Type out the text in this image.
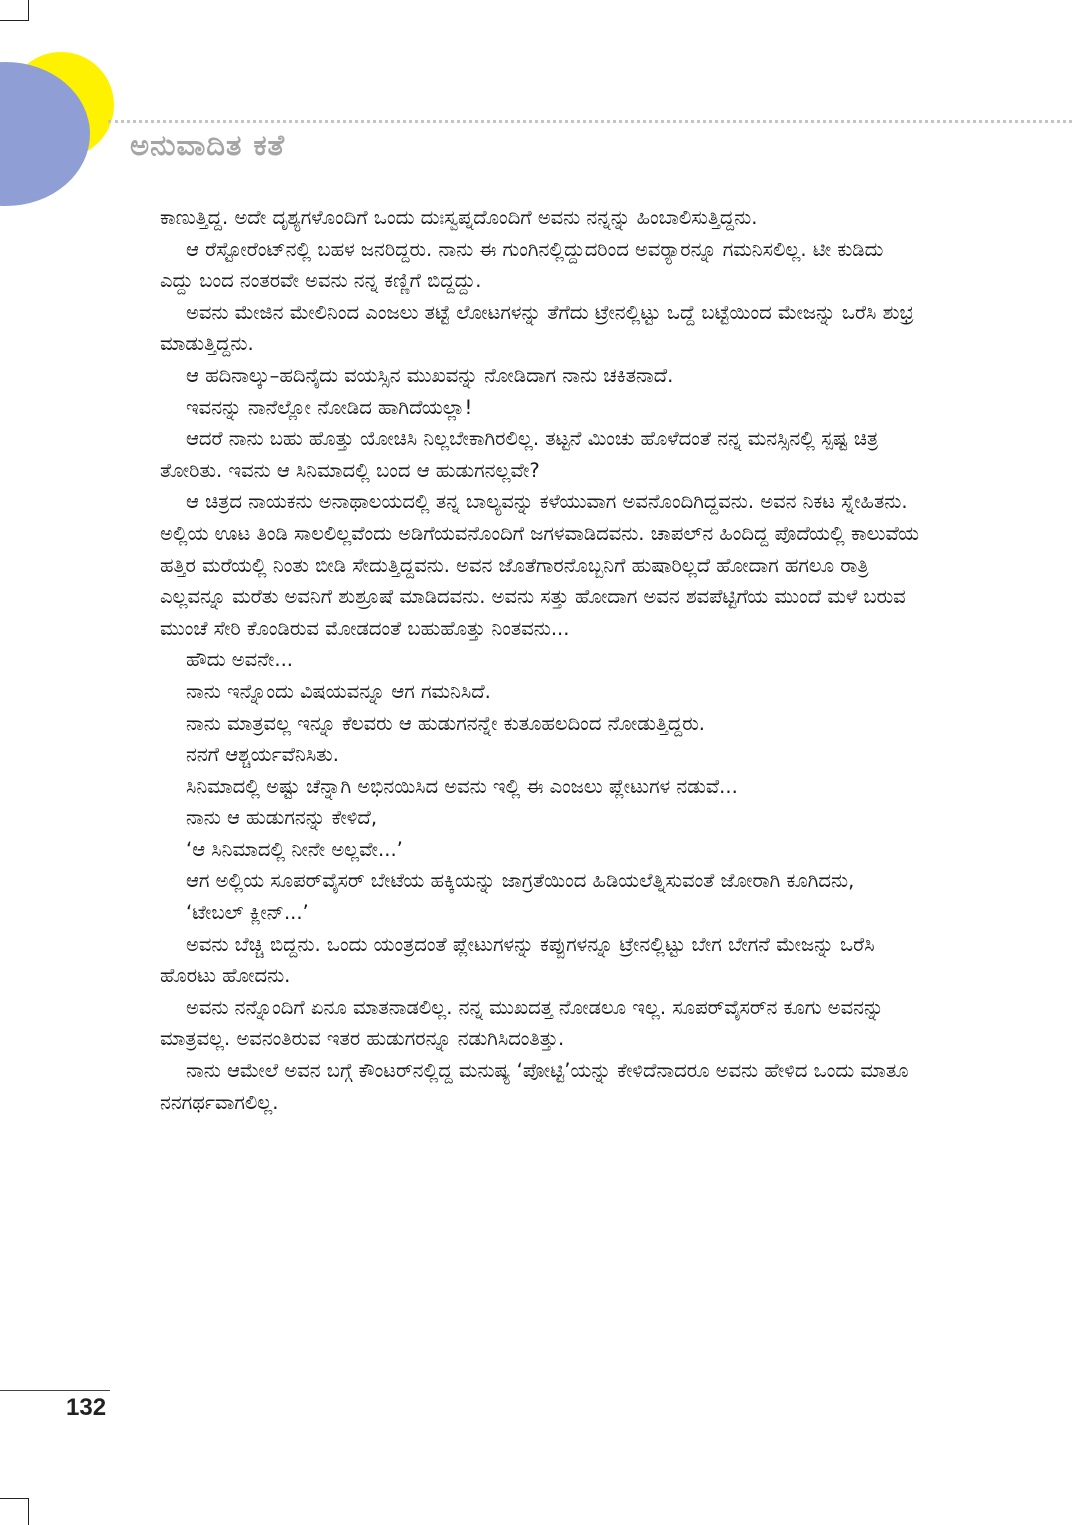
ಅನುವಾದಿತ ಕತೆ

ಕಾಣುತ್ತಿದ್ದ. ಅದೇ ದೃಶ್ಯಗಳೊಂದಿಗೆ ಒಂದು ದುಃಸ್ವಪ್ನದೊಂದಿಗೆ ಅವನು ನನ್ನನ್ನು ಹಿಂಬಾಲಿಸುತ್ತಿದ್ದನು.

ಆ ರೆಸ್ಟೋರೆಂಟ್‌ನಲ್ಲಿ ಬಹಳ ಜನರಿದ್ದರು. ನಾನು ಈ ಗುಂಗಿನಲ್ಲಿದ್ದುದರಿಂದ ಅವರ್‍ಯಾರನ್ನೂ ಗಮನಿಸಲಿಲ್ಲ. ಟೀ ಕುಡಿದು ಎದ್ದು ಬಂದ ನಂತರವೇ ಅವನು ನನ್ನ ಕಣ್ಣಿಗೆ ಬಿದ್ದದ್ದು.

ಅವನು ಮೇಜಿನ ಮೇಲಿನಿಂದ ಎಂಜಲು ತಟ್ಟೆ ಲೋಟಗಳನ್ನು ತೆಗೆದು ಟ್ರೇನಲ್ಲಿಟ್ಟು ಒದ್ದೆ ಬಟ್ಟೆಯಿಂದ ಮೇಜನ್ನು ಒರೆಸಿ ಶುಭ್ರ ಮಾಡುತ್ತಿದ್ದನು.

ಆ ಹದಿನಾಲ್ಕು–ಹದಿನೈದು ವಯಸ್ಸಿನ ಮುಖವನ್ನು ನೋಡಿದಾಗ ನಾನು ಚಕಿತನಾದೆ.

ಇವನನ್ನು ನಾನೆಲ್ಲೋ ನೋಡಿದ ಹಾಗಿದೆಯಲ್ಲಾ!

ಆದರೆ ನಾನು ಬಹು ಹೊತ್ತು ಯೋಚಿಸಿ ನಿಲ್ಲಬೇಕಾಗಿರಲಿಲ್ಲ. ತಟ್ಟನೆ ಮಿಂಚು ಹೊಳೆದಂತೆ ನನ್ನ ಮನಸ್ಸಿನಲ್ಲಿ ಸ್ಪಷ್ಟ ಚಿತ್ರ ತೋರಿತು. ಇವನು ಆ ಸಿನಿಮಾದಲ್ಲಿ ಬಂದ ಆ ಹುಡುಗನಲ್ಲವೇ?

ಆ ಚಿತ್ರದ ನಾಯಕನು ಅನಾಥಾಲಯದಲ್ಲಿ ತನ್ನ ಬಾಲ್ಯವನ್ನು ಕಳೆಯುವಾಗ ಅವನೊಂದಿಗಿದ್ದವನು. ಅವನ ನಿಕಟ ಸ್ನೇಹಿತನು. ಅಲ್ಲಿಯ ಊಟ ತಿಂಡಿ ಸಾಲಲಿಲ್ಲವೆಂದು ಅಡಿಗೆಯವನೊಂದಿಗೆ ಜಗಳವಾಡಿದವನು. ಚಾಪಲ್‌ನ ಹಿಂದಿದ್ದ ಪೊದೆಯಲ್ಲಿ ಕಾಲುವೆಯ ಹತ್ತಿರ ಮರೆಯಲ್ಲಿ ನಿಂತು ಬೀಡಿ ಸೇದುತ್ತಿದ್ದವನು. ಅವನ ಜೊತೆಗಾರನೊಬ್ಬನಿಗೆ ಹುಷಾರಿಲ್ಲದೆ ಹೋದಾಗ ಹಗಲೂ ರಾತ್ರಿ ಎಲ್ಲವನ್ನೂ ಮರೆತು ಅವನಿಗೆ ಶುಶ್ರೂಷೆ ಮಾಡಿದವನು. ಅವನು ಸತ್ತು ಹೋದಾಗ ಅವನ ಶವಪೆಟ್ಟಿಗೆಯ ಮುಂದೆ ಮಳೆ ಬರುವ ಮುಂಚೆ ಸೇರಿ ಕೊಂಡಿರುವ ಮೋಡದಂತೆ ಬಹುಹೊತ್ತು ನಿಂತವನು...

ಹೌದು ಅವನೇ...

ನಾನು ಇನ್ನೊಂದು ವಿಷಯವನ್ನೂ ಆಗ ಗಮನಿಸಿದೆ.

ನಾನು ಮಾತ್ರವಲ್ಲ ಇನ್ನೂ ಕೆಲವರು ಆ ಹುಡುಗನನ್ನೇ ಕುತೂಹಲದಿಂದ ನೋಡುತ್ತಿದ್ದರು.

ನನಗೆ ಆಶ್ಚರ್ಯವೆನಿಸಿತು.

ಸಿನಿಮಾದಲ್ಲಿ ಅಷ್ಟು ಚೆನ್ನಾಗಿ ಅಭಿನಯಿಸಿದ ಅವನು ಇಲ್ಲಿ ಈ ಎಂಜಲು ಪ್ಲೇಟುಗಳ ನಡುವೆ...

ನಾನು ಆ ಹುಡುಗನನ್ನು ಕೇಳಿದೆ,

‘ಆ ಸಿನಿಮಾದಲ್ಲಿ ನೀನೇ ಅಲ್ಲವೇ...’

ಆಗ ಅಲ್ಲಿಯ ಸೂಪರ್‌ವೈಸರ್ ಬೇಟೆಯ ಹಕ್ಕಿಯನ್ನು ಜಾಗ್ರತೆಯಿಂದ ಹಿಡಿಯಲೆತ್ನಿಸುವಂತೆ ಜೋರಾಗಿ ಕೂಗಿದನು,

‘ಟೇಬಲ್ ಕ್ಲೀನ್...’

ಅವನು ಬೆಚ್ಚಿ ಬಿದ್ದನು. ಒಂದು ಯಂತ್ರದಂತೆ ಪ್ಲೇಟುಗಳನ್ನು ಕಪ್ಪುಗಳನ್ನೂ ಟ್ರೇನಲ್ಲಿಟ್ಟು ಬೇಗ ಬೇಗನೆ ಮೇಜನ್ನು ಒರೆಸಿ ಹೊರಟು ಹೋದನು.

ಅವನು ನನ್ನೊಂದಿಗೆ ಏನೂ ಮಾತನಾಡಲಿಲ್ಲ. ನನ್ನ ಮುಖದತ್ತ ನೋಡಲೂ ಇಲ್ಲ. ಸೂಪರ್‌ವೈಸರ್‌ನ ಕೂಗು ಅವನನ್ನು ಮಾತ್ರವಲ್ಲ. ಅವನಂತಿರುವ ಇತರ ಹುಡುಗರನ್ನೂ ನಡುಗಿಸಿದಂತಿತ್ತು.

ನಾನು ಆಮೇಲೆ ಅವನ ಬಗ್ಗೆ ಕೌಂಟರ್‌ನಲ್ಲಿದ್ದ ಮನುಷ್ಯ ‘ಪೋಟ್ಟಿ’ಯನ್ನು ಕೇಳಿದೆನಾದರೂ ಅವನು ಹೇಳಿದ ಒಂದು ಮಾತೂ ನನಗರ್ಥವಾಗಲಿಲ್ಲ.

132
